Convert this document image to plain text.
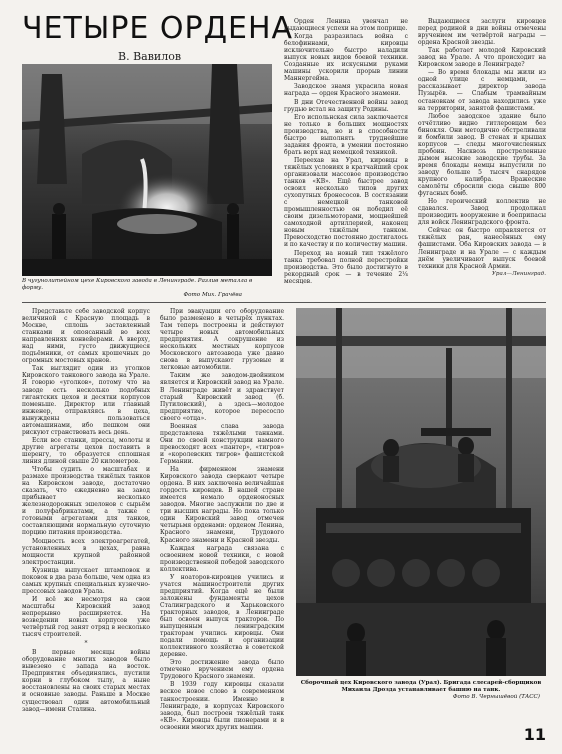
ЧЕТЫРЕ ОРДЕНА
В. Вавилов
В чугунолитейном цехе Кировского завода в Ленинграде. Разлив металла в форму.
Фото Мих. Грачёва

Орден Ленина увенчал не выдающиеся успехи на этом поприще.

Когда разразилась война с белофиннами, кировцы исключительно быстро наладили выпуск новых видов боевой техники. Созданные их искусными руками машины ускорили прорыв линии Маннергейма.

Заводское знамя украсила новая награда — орден Красного знамени.

В дни Отечественной войны завод грудью встал на защиту Родины.

Его испольнская сила заключается не только в больших мощностях производства, но и в способности быстро выполнять труднейшие задания фронта, в умении постоянно брать верх над немецкой техникой.

Переехав на Урал, кировцы в тяжёлых условиях в кратчайший срок организовали массовое производство танков «КВ». Ещё быстрее завод освоил несколько типов других сухопутных бронесосов. В состязании с немецкой танковой промышленностью он победил её своим дизельмоторами, мощнейшей самоходной артиллерией, наконец новым тяжёлым танком. Превосходство постоянно достигалось и по качеству и по количеству машин.

Переход на новый тип тяжёлого танка требовал полной перестройки производства. Это было достигнуто в рекордный срок — в течение 2¼ месяцев.

Выдающиеся заслуги кировцев перед родиной в дни войны отмечены вручением им четвёртой награды — ордена Красной звезды.

Так работает молодой Кировский завод на Урале. А что происходит на Кировском заводе в Ленинграде?

— Во время блокады мы жили из одной улице с немцами, — рассказывает директор завода Пузырёв. — Слабым трамвайным остановкам от завода находились уже на территории, занятой фашистами.

Любое заводское здание было отчётливо видно гитлеровцам без бинокля. Они методично обстреливали и бомбили завод. В стенах и крышах корпусов — следы многочисленных пробоин. Насквозь простреленные дымом высокие заводские трубы. За время блокады немцы выпустили по заводу больше 5 тысяч снарядов крупного калибра. Вражеские самолёты сбросили сюда свыше 800 фугасных бомб.

Но героический коллектив не сдавался. Завод продолжал производить вооружение и боеприпасы для войск Ленинградского фронта.

Сейчас он быстро оправляется от тяжёлых ран, нанесённых ему фашистами. Оба Кировских завода — в Ленинграде и на Урале — с каждым днём увеличивают выпуск боевой техники для Красной Армии.

Урал—Ленинград.

Представьте себе заводской корпус величиной с Красную площадь в Москве, сплошь заставленный станками и опоясанный во всех направлениях конвейерами. А вверху, над ними, густо движущиеся подъёмники, от самых крошечных до огромных мостовых кранов.

Так выглядит один из уголков Кировского танкового завода на Урале. Я говорю «уголков», потому что на заводе есть несколько подобных гигантских цехов и десятки корпусов поменьше. Директор или главный инженер, отправляясь в цеха, вынуждены пользоваться автомашинами, ибо пешком они рискуют странствовать весь день.

Если все станки, прессы, молоты и другие агрегаты цехов поставить в шеренгу, то образуется сплошная линия длиной свыше 20 километров.

Чтобы судить о масштабах и размахе производства тяжёлых танков на Кировском заводе, достаточно сказать, что ежедневно на завод прибывает несколько железнодорожных эшелонов с сырьём и полуфабрикатами, а также с готовыми агрегатами для танков, составляющими нормальную суточную порцию питания производства.

Мощность всех электроагрегатей, установленных в цехах, равна мощности крупной районной электростанции.

Кузница выпускает штамповок и поковок в два раза больше, чем одна из самых крупных специальных кузнечно-прессовых заводов Урала.

И всё же несмотря на свои масштабы Кировский завод непрерывно расширяется. На возведении новых корпусов уже четвёртый год занят отряд в несколько тысяч строителей.

*

В первые месяцы войны оборудование многих заводов было вывезено с запада на восток. Предприятия объединялись, пустили корни в глубоком тылу, а ныне восстановлены на своих старых местах и основные заводы. Раньше в Москве существовал один автомобильный завод—имени Сталина.

При эвакуации его оборудование было разменено в четырёх пунктах. Там теперь построены и действуют четыре новых автомобильных предприятия. А сокрушение из нескольких местных корпусов Московского автозавода уже давно снова в выпускают грузовые и легковые автомобили.

Таким же заводом-двойником является и Кировский завод на Урале. В Ленинграде живёт и здравствует старый Кировский завод (б. Путиловский), а здесь—молодое предприятие, которое пересосло своего «отца».

Военная слава завода представлена тяжёлыми танками. Они по своей конструкции намного превосходят всех «пантер», «тигров» и «королевских тигров» фашистской Германии.

На фирменном знамени Кировского завода сверкают четыре ордена. В них заключена величайшая гордость кировцев. В нашей стране имеется немало орденоносных заводов. Многие заслужили по две и три высших награды. Но пока только один Кировский завод отмечен четырьмя орденами: орденом Ленина, Красного знамени, Трудового Красного знамени и Красной звезды.

Каждая награда связана с освоением новой техники, с новой производственной победой заводского коллектива.

У ноаторов-кировцев учились и учатся машиностроители других предприятий. Когда ещё не были заложены фундаменты цехов Сталинградского и Харьковского тракторных заводов, в Ленинграде был освоен выпуск тракторов. По выпущенным ленинградским тракторам учились кировцы. Они подали помощь и организации коллективного хозяйства в советской деревне.

Это достижение завода было отмечено вручением ему ордена Трудового Красного знамени.

В 1939 году кировцы сказали веское новое слово в современном танкостроении. Именно в Ленинграде, в корпусах Кировского завода, был построен тяжёлый танк «КВ». Кировцы были пионерами и в освоении многих других машин.

Сборочный цех Кировского завода (Урал). Бригада слесарей-сборщиков Михаила Дрозда устанавливает башню на танк.
Фото В. Чернышёвой (ТАСС)
11
